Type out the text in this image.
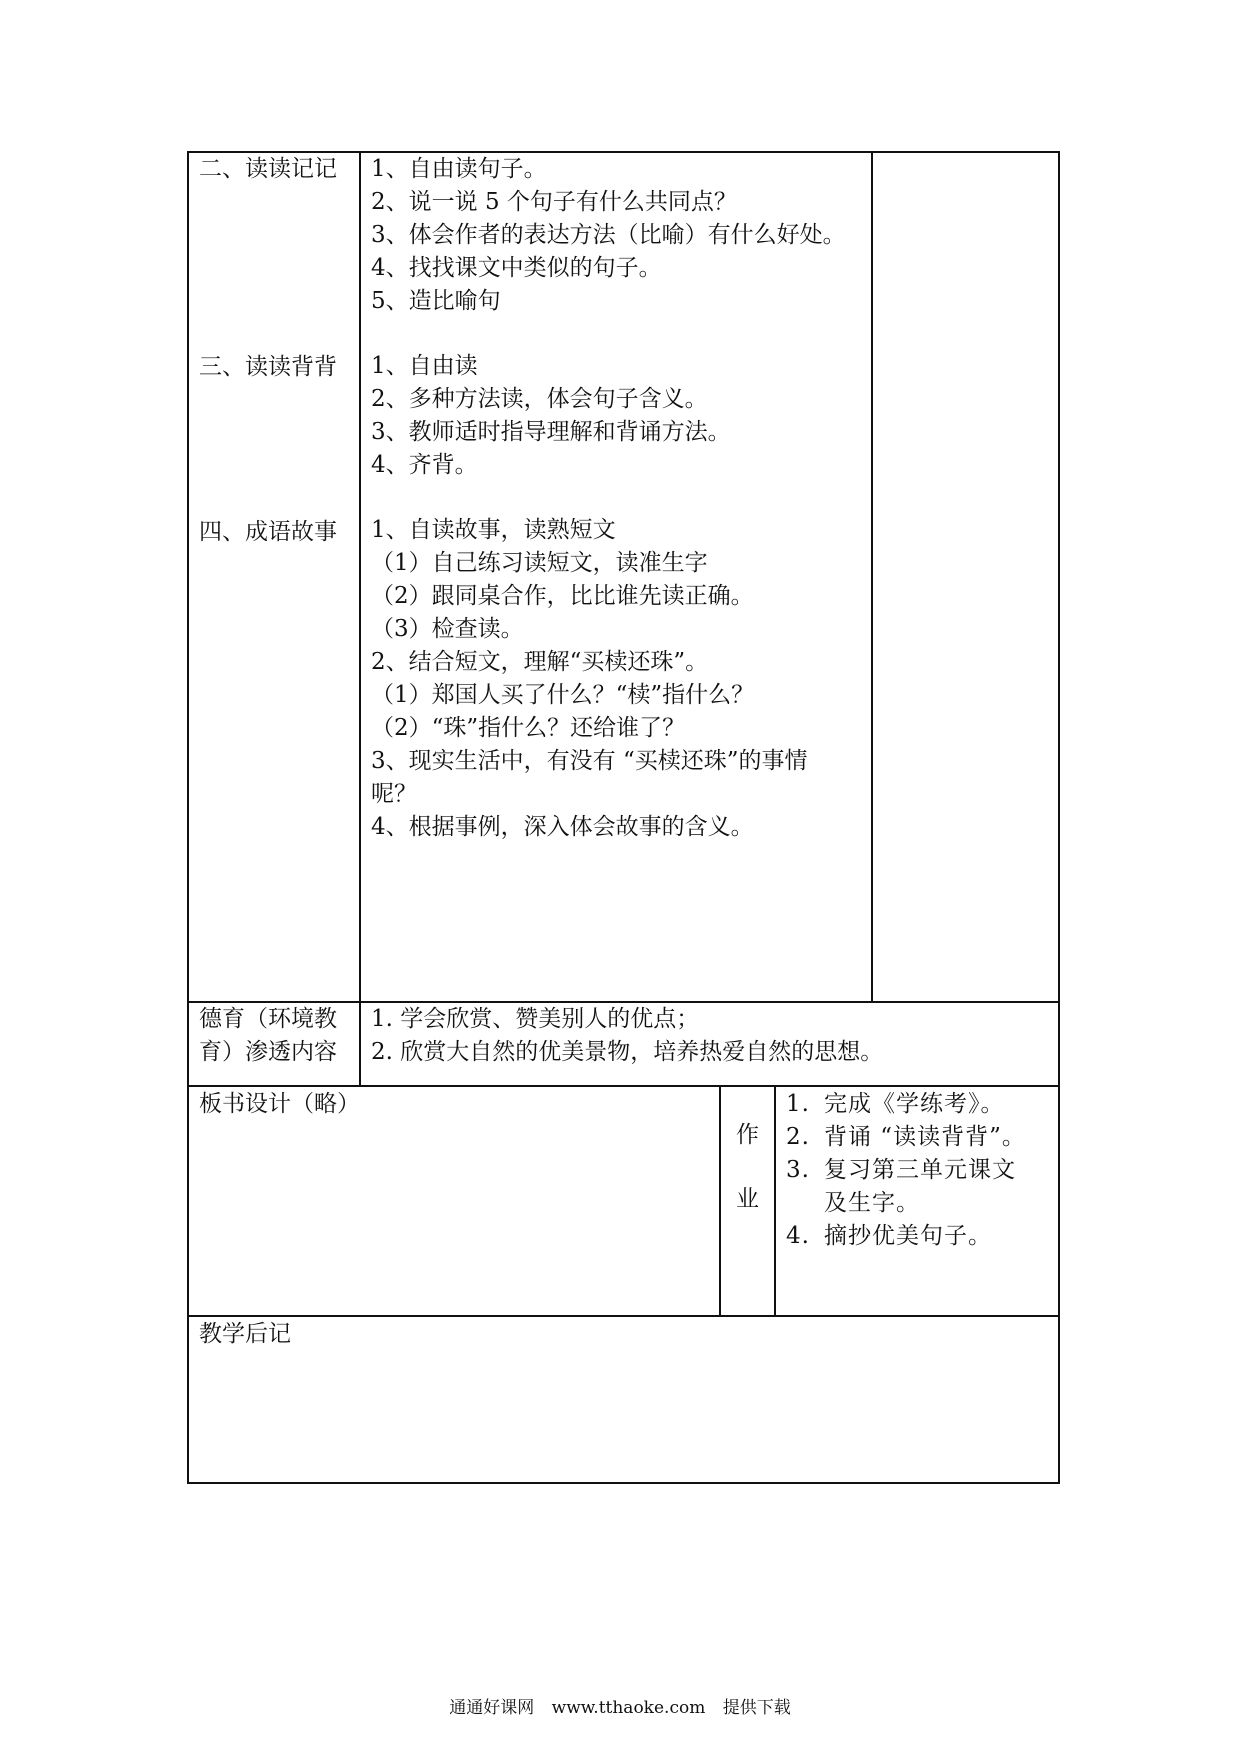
二、读读记记
三、读读背背
四、成语故事
1、自由读句子。
2、说一说 5 个句子有什么共同点？
3、体会作者的表达方法（比喻）有什么好处。
4、找找课文中类似的句子。
5、造比喻句
1、自由读
2、多种方法读，体会句子含义。
3、教师适时指导理解和背诵方法。
4、齐背。
1、自读故事，读熟短文
（1）自己练习读短文，读准生字
（2）跟同桌合作，比比谁先读正确。
（3）检查读。
2、结合短文，理解“买椟还珠”。
（1）郑国人买了什么？“椟”指什么？
（2）“珠”指什么？还给谁了？
3、现实生活中，有没有 “买椟还珠”的事情
呢？
4、根据事例，深入体会故事的含义。
德育（环境教
育）渗透内容
1. 学会欣赏、赞美别人的优点；
2. 欣赏大自然的优美景物，培养热爱自然的思想。
板书设计（略）
作
业
1. 完成《学练考》。
2. 背诵 “读读背背”。
3. 复习第三单元课文
及生字。
4. 摘抄优美句子。
教学后记
通通好课网 www.tthaoke.com 提供下载
